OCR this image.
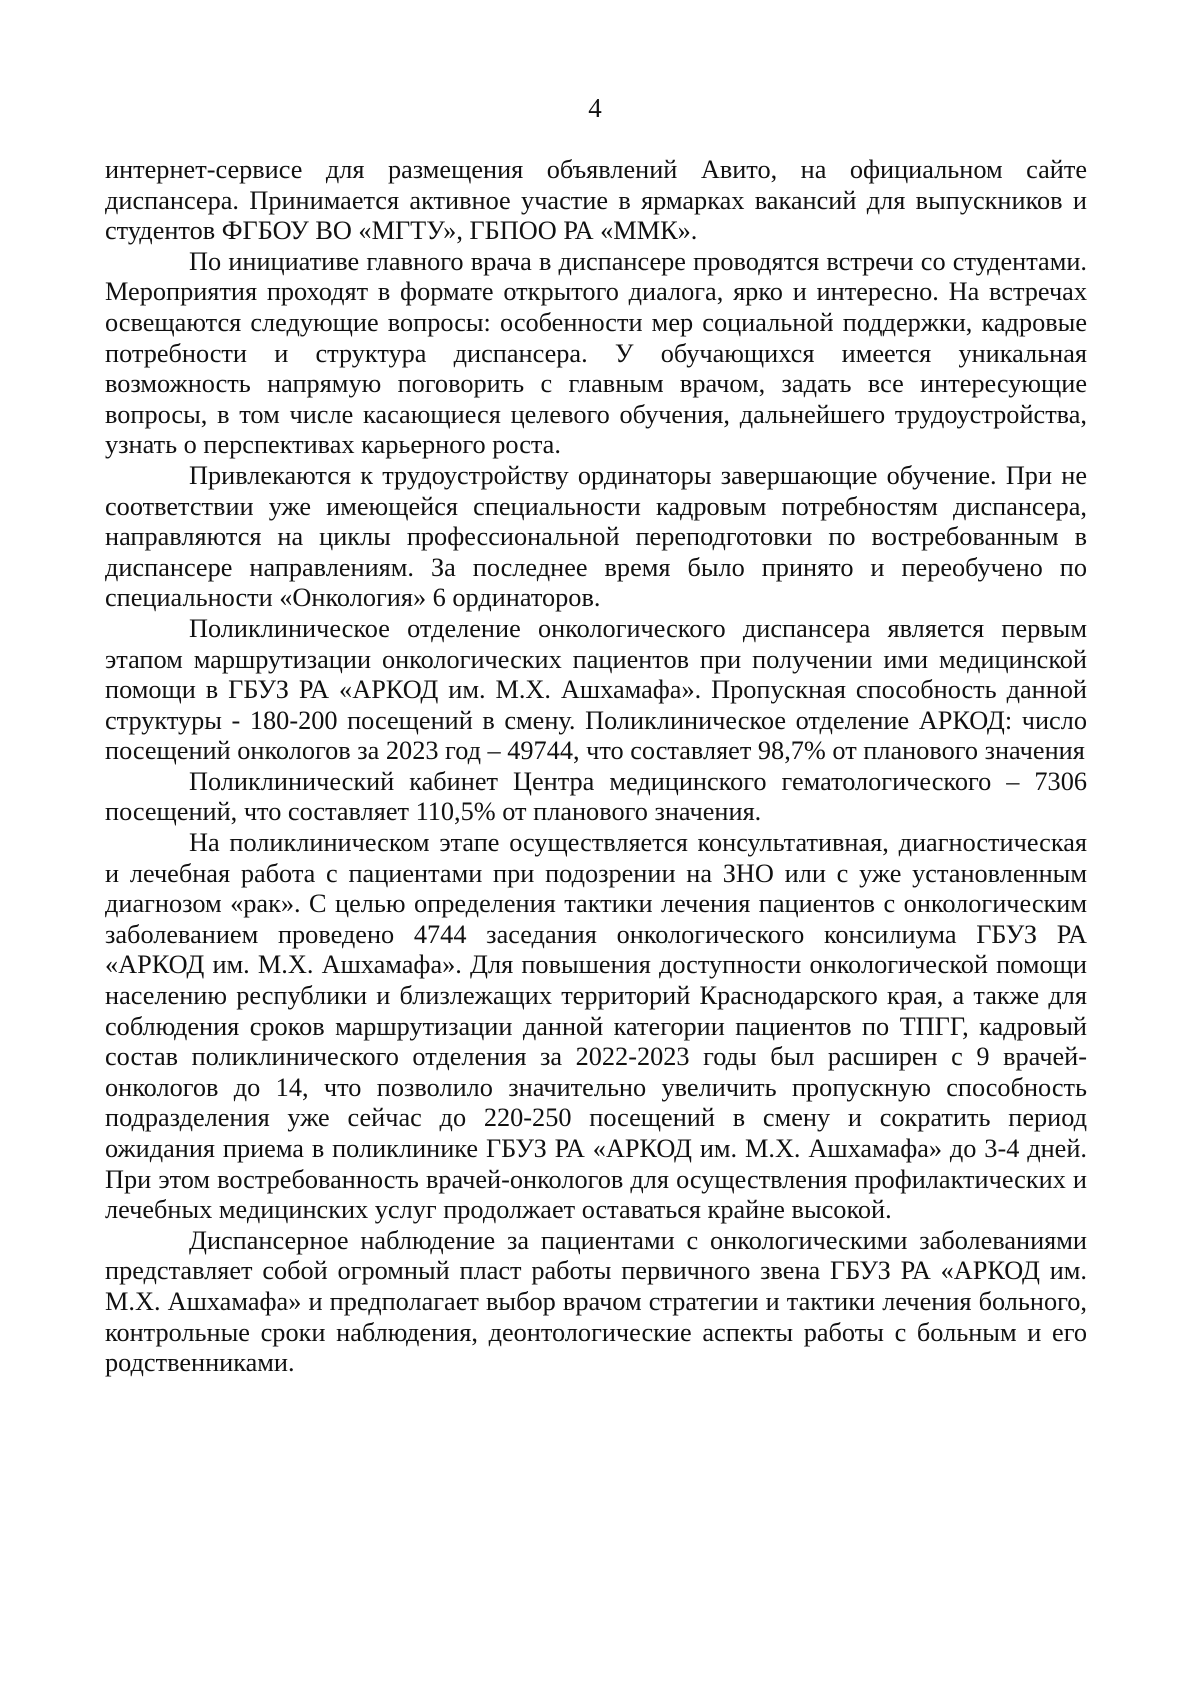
4

интернет-сервисе для размещения объявлений Авито, на официальном сайте диспансера. Принимается активное участие в ярмарках вакансий для выпускников и студентов ФГБОУ ВО «МГТУ», ГБПОО РА «ММК».

По инициативе главного врача в диспансере проводятся встречи со студентами. Мероприятия проходят в формате открытого диалога, ярко и интересно. На встречах освещаются следующие вопросы: особенности мер социальной поддержки, кадровые потребности и структура диспансера. У обучающихся имеется уникальная возможность напрямую поговорить с главным врачом, задать все интересующие вопросы, в том числе касающиеся целевого обучения, дальнейшего трудоустройства, узнать о перспективах карьерного роста.

Привлекаются к трудоустройству ординаторы завершающие обучение. При не соответствии уже имеющейся специальности кадровым потребностям диспансера, направляются на циклы профессиональной переподготовки по востребованным в диспансере направлениям. За последнее время было принято и переобучено по специальности «Онкология» 6 ординаторов.

Поликлиническое отделение онкологического диспансера является первым этапом маршрутизации онкологических пациентов при получении ими медицинской помощи в ГБУЗ РА «АРКОД им. М.Х. Ашхамафа». Пропускная способность данной структуры - 180-200 посещений в смену. Поликлиническое отделение АРКОД: число посещений онкологов за 2023 год – 49744, что составляет 98,7% от планового значения

Поликлинический кабинет Центра медицинского гематологического – 7306 посещений, что составляет 110,5% от планового значения.

На поликлиническом этапе осуществляется консультативная, диагностическая и лечебная работа с пациентами при подозрении на ЗНО или с уже установленным диагнозом «рак». С целью определения тактики лечения пациентов с онкологическим заболеванием проведено 4744 заседания онкологического консилиума ГБУЗ РА «АРКОД им. М.Х. Ашхамафа». Для повышения доступности онкологической помощи населению республики и близлежащих территорий Краснодарского края, а также для соблюдения сроков маршрутизации данной категории пациентов по ТПГГ, кадровый состав поликлинического отделения за 2022-2023 годы был расширен с 9 врачей-онкологов до 14, что позволило значительно увеличить пропускную способность подразделения уже сейчас до 220-250 посещений в смену и сократить период ожидания приема в поликлинике ГБУЗ РА «АРКОД им. М.Х. Ашхамафа» до 3-4 дней. При этом востребованность врачей-онкологов для осуществления профилактических и лечебных медицинских услуг продолжает оставаться крайне высокой.

Диспансерное наблюдение за пациентами с онкологическими заболеваниями представляет собой огромный пласт работы первичного звена ГБУЗ РА «АРКОД им. М.Х. Ашхамафа» и предполагает выбор врачом стратегии и тактики лечения больного, контрольные сроки наблюдения, деонтологические аспекты работы с больным и его родственниками.
